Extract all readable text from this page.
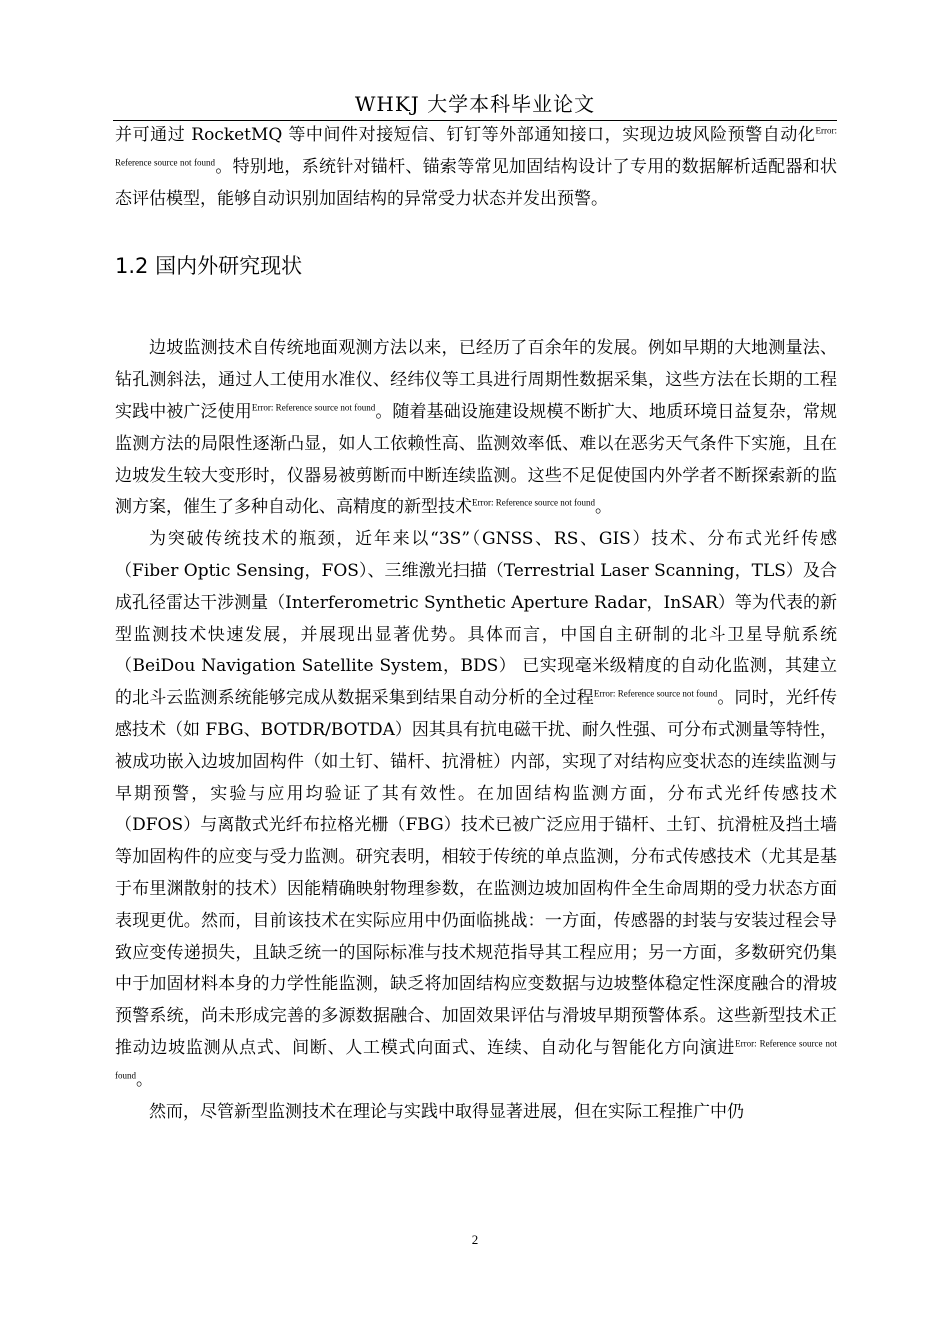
WHKJ 大学本科毕业论文

并可通过 RocketMQ 等中间件对接短信、钉钉等外部通知接口，实现边坡风险预警自动化$^{Error: Reference source not found}$。特别地，系统针对锚杆、锚索等常见加固结构设计了专用的数据解析适配器和状态评估模型，能够自动识别加固结构的异常受力状态并发出预警。

1.2 国内外研究现状

边坡监测技术自传统地面观测方法以来，已经历了百余年的发展。例如早期的大地测量法、钻孔测斜法，通过人工使用水准仪、经纬仪等工具进行周期性数据采集，这些方法在长期的工程实践中被广泛使用$^{Error: Reference source not found}$。随着基础设施建设规模不断扩大、地质环境日益复杂，常规监测方法的局限性逐渐凸显，如人工依赖性高、监测效率低、难以在恶劣天气条件下实施，且在边坡发生较大变形时，仪器易被剪断而中断连续监测。这些不足促使国内外学者不断探索新的监测方案，催生了多种自动化、高精度的新型技术$^{Error: Reference source not found}$。

为突破传统技术的瓶颈，近年来以“3S”（GNSS、RS、GIS）技术、分布式光纤传感（Fiber Optic Sensing，FOS）、三维激光扫描（Terrestrial Laser Scanning，TLS）及合成孔径雷达干涉测量（Interferometric Synthetic Aperture Radar，InSAR）等为代表的新型监测技术快速发展，并展现出显著优势。具体而言，中国自主研制的北斗卫星导航系统（BeiDou Navigation Satellite System，BDS） 已实现毫米级精度的自动化监测，其建立的北斗云监测系统能够完成从数据采集到结果自动分析的全过程$^{Error: Reference source not found}$。同时，光纤传感技术（如 FBG、BOTDR/BOTDA）因其具有抗电磁干扰、耐久性强、可分布式测量等特性，被成功嵌入边坡加固构件（如土钉、锚杆、抗滑桩）内部，实现了对结构应变状态的连续监测与早期预警，实验与应用均验证了其有效性。在加固结构监测方面，分布式光纤传感技术（DFOS）与离散式光纤布拉格光栅（FBG）技术已被广泛应用于锚杆、土钉、抗滑桩及挡土墙等加固构件的应变与受力监测。研究表明，相较于传统的单点监测，分布式传感技术（尤其是基于布里渊散射的技术）因能精确映射物理参数，在监测边坡加固构件全生命周期的受力状态方面表现更优。然而，目前该技术在实际应用中仍面临挑战：一方面，传感器的封装与安装过程会导致应变传递损失，且缺乏统一的国际标准与技术规范指导其工程应用；另一方面，多数研究仍集中于加固材料本身的力学性能监测，缺乏将加固结构应变数据与边坡整体稳定性深度融合的滑坡预警系统，尚未形成完善的多源数据融合、加固效果评估与滑坡早期预警体系。这些新型技术正推动边坡监测从点式、间断、人工模式向面式、连续、自动化与智能化方向演进$^{Error: Reference source not found}$。

然而，尽管新型监测技术在理论与实践中取得显著进展，但在实际工程推广中仍

2
